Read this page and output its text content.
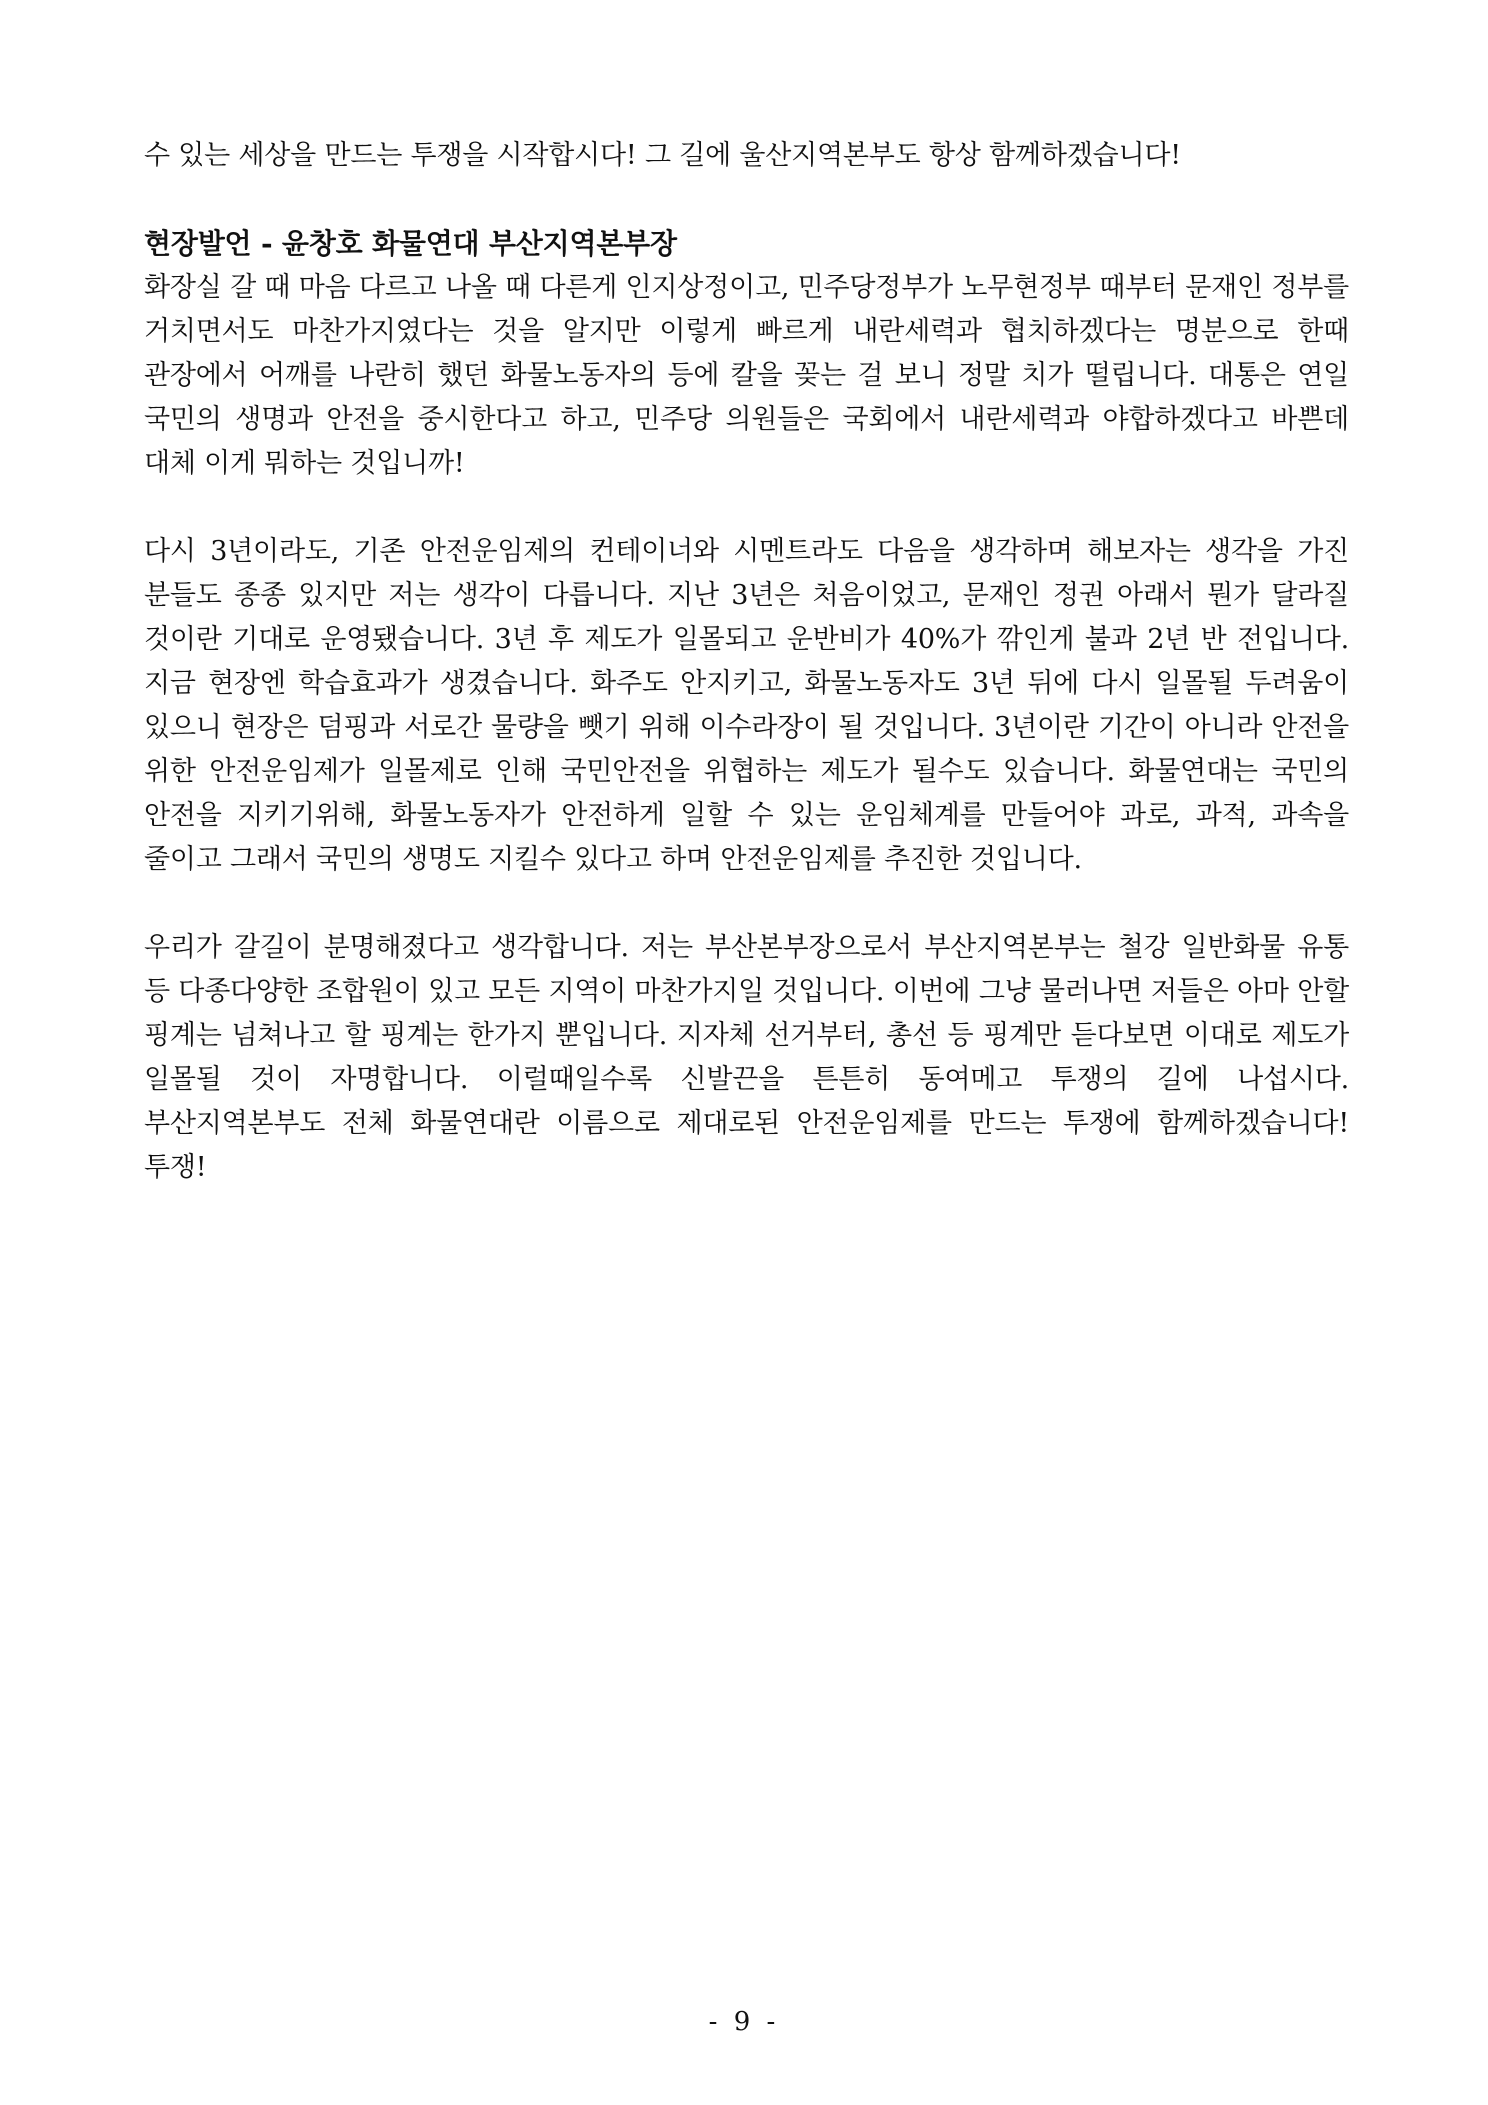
수 있는 세상을 만드는 투쟁을 시작합시다! 그 길에 울산지역본부도 항상 함께하겠습니다!

현장발언 - 윤창호 화물연대 부산지역본부장

화장실 갈 때 마음 다르고 나올 때 다른게 인지상정이고, 민주당정부가 노무현정부 때부터 문재인 정부를 거치면서도 마찬가지였다는 것을 알지만 이렇게 빠르게 내란세력과 협치하겠다는 명분으로 한때 관장에서 어깨를 나란히 했던 화물노동자의 등에 칼을 꽂는 걸 보니 정말 치가 떨립니다. 대통은 연일 국민의 생명과 안전을 중시한다고 하고, 민주당 의원들은 국회에서 내란세력과 야합하겠다고 바쁜데 대체 이게 뭐하는 것입니까!

다시 3년이라도, 기존 안전운임제의 컨테이너와 시멘트라도 다음을 생각하며 해보자는 생각을 가진 분들도 종종 있지만 저는 생각이 다릅니다. 지난 3년은 처음이었고, 문재인 정권 아래서 뭔가 달라질 것이란 기대로 운영됐습니다. 3년 후 제도가 일몰되고 운반비가 40%가 깎인게 불과 2년 반 전입니다. 지금 현장엔 학습효과가 생겼습니다. 화주도 안지키고, 화물노동자도 3년 뒤에 다시 일몰될 두려움이 있으니 현장은 덤핑과 서로간 물량을 뺏기 위해 이수라장이 될 것입니다. 3년이란 기간이 아니라 안전을 위한 안전운임제가 일몰제로 인해 국민안전을 위협하는 제도가 될수도 있습니다. 화물연대는 국민의 안전을 지키기위해, 화물노동자가 안전하게 일할 수 있는 운임체계를 만들어야 과로, 과적, 과속을 줄이고 그래서 국민의 생명도 지킬수 있다고 하며 안전운임제를 추진한 것입니다.

우리가 갈길이 분명해졌다고 생각합니다. 저는 부산본부장으로서 부산지역본부는 철강 일반화물 유통 등 다종다양한 조합원이 있고 모든 지역이 마찬가지일 것입니다. 이번에 그냥 물러나면 저들은 아마 안할 핑계는 넘쳐나고 할 핑계는 한가지 뿐입니다. 지자체 선거부터, 총선 등 핑계만 듣다보면 이대로 제도가 일몰될 것이 자명합니다. 이럴때일수록 신발끈을 튼튼히 동여메고 투쟁의 길에 나섭시다. 부산지역본부도 전체 화물연대란 이름으로 제대로된 안전운임제를 만드는 투쟁에 함께하겠습니다! 투쟁!

- 9 -
